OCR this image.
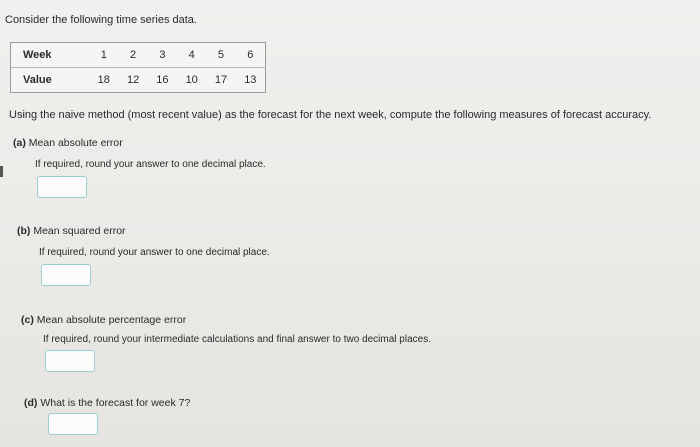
Consider the following time series data.
Week	1	2	3	4	5	6
Value	18	12	16	10	17	13
Using the naive method (most recent value) as the forecast for the next week, compute the following measures of forecast accuracy.
(a) Mean absolute error
If required, round your answer to one decimal place.
(b) Mean squared error
If required, round your answer to one decimal place.
(c) Mean absolute percentage error
If required, round your intermediate calculations and final answer to two decimal places.
(d) What is the forecast for week 7?
